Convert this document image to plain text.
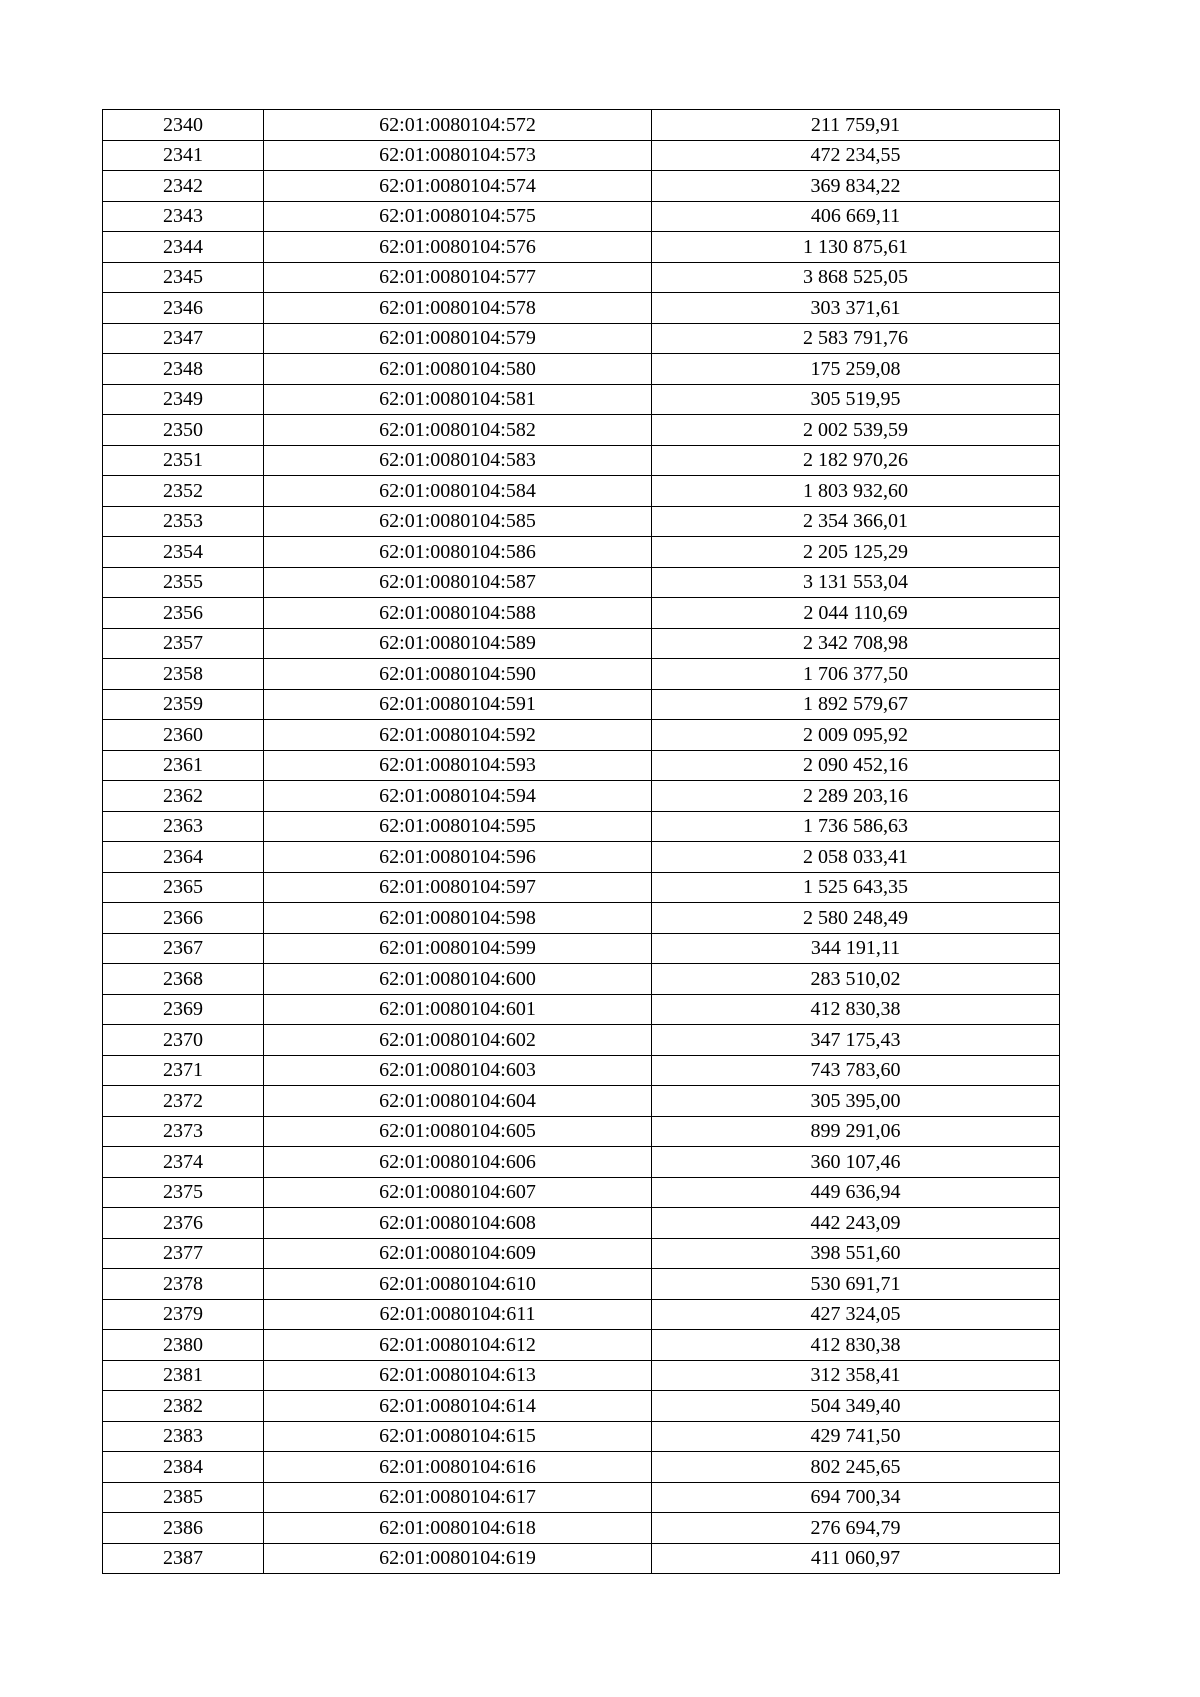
2340	62:01:0080104:572	211 759,91
2341	62:01:0080104:573	472 234,55
2342	62:01:0080104:574	369 834,22
2343	62:01:0080104:575	406 669,11
2344	62:01:0080104:576	1 130 875,61
2345	62:01:0080104:577	3 868 525,05
2346	62:01:0080104:578	303 371,61
2347	62:01:0080104:579	2 583 791,76
2348	62:01:0080104:580	175 259,08
2349	62:01:0080104:581	305 519,95
2350	62:01:0080104:582	2 002 539,59
2351	62:01:0080104:583	2 182 970,26
2352	62:01:0080104:584	1 803 932,60
2353	62:01:0080104:585	2 354 366,01
2354	62:01:0080104:586	2 205 125,29
2355	62:01:0080104:587	3 131 553,04
2356	62:01:0080104:588	2 044 110,69
2357	62:01:0080104:589	2 342 708,98
2358	62:01:0080104:590	1 706 377,50
2359	62:01:0080104:591	1 892 579,67
2360	62:01:0080104:592	2 009 095,92
2361	62:01:0080104:593	2 090 452,16
2362	62:01:0080104:594	2 289 203,16
2363	62:01:0080104:595	1 736 586,63
2364	62:01:0080104:596	2 058 033,41
2365	62:01:0080104:597	1 525 643,35
2366	62:01:0080104:598	2 580 248,49
2367	62:01:0080104:599	344 191,11
2368	62:01:0080104:600	283 510,02
2369	62:01:0080104:601	412 830,38
2370	62:01:0080104:602	347 175,43
2371	62:01:0080104:603	743 783,60
2372	62:01:0080104:604	305 395,00
2373	62:01:0080104:605	899 291,06
2374	62:01:0080104:606	360 107,46
2375	62:01:0080104:607	449 636,94
2376	62:01:0080104:608	442 243,09
2377	62:01:0080104:609	398 551,60
2378	62:01:0080104:610	530 691,71
2379	62:01:0080104:611	427 324,05
2380	62:01:0080104:612	412 830,38
2381	62:01:0080104:613	312 358,41
2382	62:01:0080104:614	504 349,40
2383	62:01:0080104:615	429 741,50
2384	62:01:0080104:616	802 245,65
2385	62:01:0080104:617	694 700,34
2386	62:01:0080104:618	276 694,79
2387	62:01:0080104:619	411 060,97
